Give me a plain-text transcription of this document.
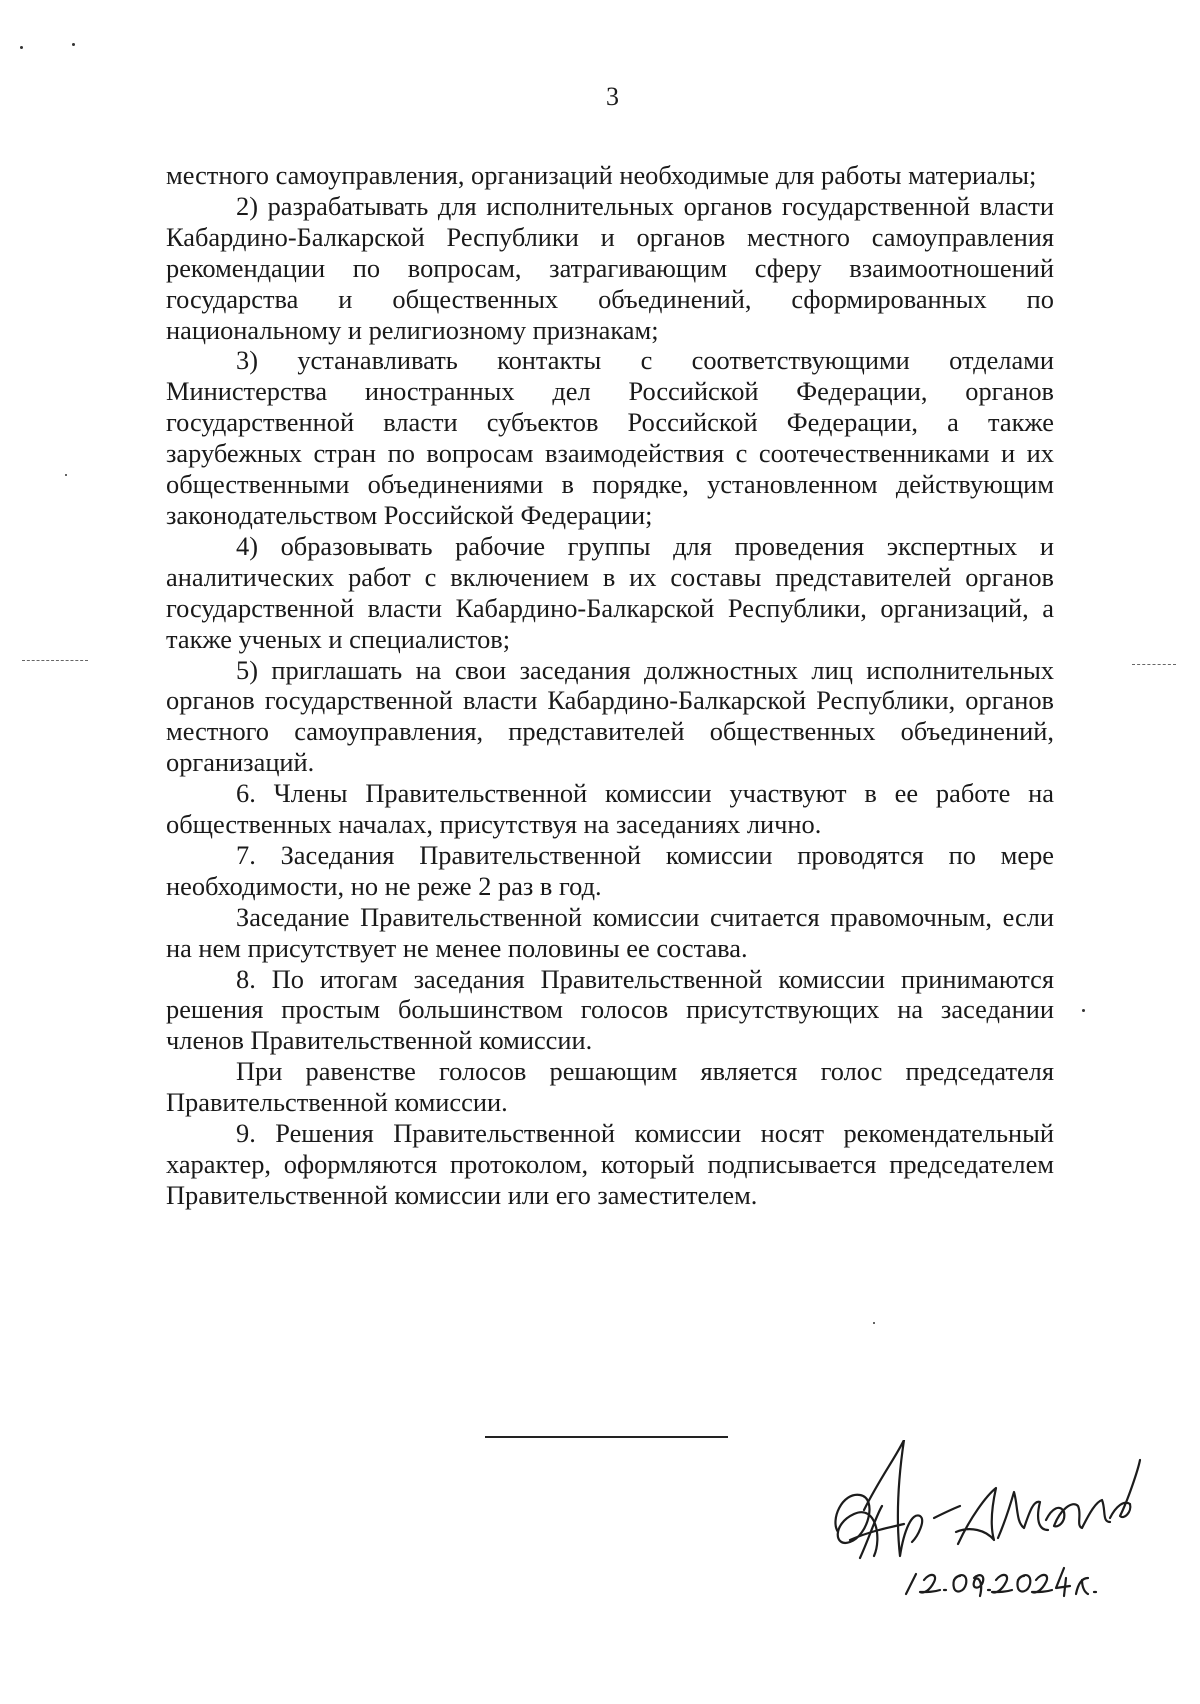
3

местного самоуправления, организаций необходимые для работы материалы;

2) разрабатывать для исполнительных органов государственной власти Кабардино-Балкарской Республики и органов местного самоуправления рекомендации по вопросам, затрагивающим сферу взаимоотношений государства и общественных объединений, сформированных по национальному и религиозному признакам;

3) устанавливать контакты с соответствующими отделами Министерства иностранных дел Российской Федерации, органов государственной власти субъектов Российской Федерации, а также зарубежных стран по вопросам взаимодействия с соотечественниками и их общественными объединениями в порядке, установленном действующим законодательством Российской Федерации;

4) образовывать рабочие группы для проведения экспертных и аналитических работ с включением в их составы представителей органов государственной власти Кабардино-Балкарской Республики, организаций, а также ученых и специалистов;

5) приглашать на свои заседания должностных лиц исполнительных органов государственной власти Кабардино-Балкарской Республики, органов местного самоуправления, представителей общественных объединений, организаций.

6. Члены Правительственной комиссии участвуют в ее работе на общественных началах, присутствуя на заседаниях лично.

7. Заседания Правительственной комиссии проводятся по мере необходимости, но не реже 2 раз в год.

Заседание Правительственной комиссии считается правомочным, если на нем присутствует не менее половины ее состава.

8. По итогам заседания Правительственной комиссии принимаются решения простым большинством голосов присутствующих на заседании членов Правительственной комиссии.

При равенстве голосов решающим является голос председателя Правительственной комиссии.

9. Решения Правительственной комиссии носят рекомендательный характер, оформляются протоколом, который подписывается председателем Правительственной комиссии или его заместителем.
